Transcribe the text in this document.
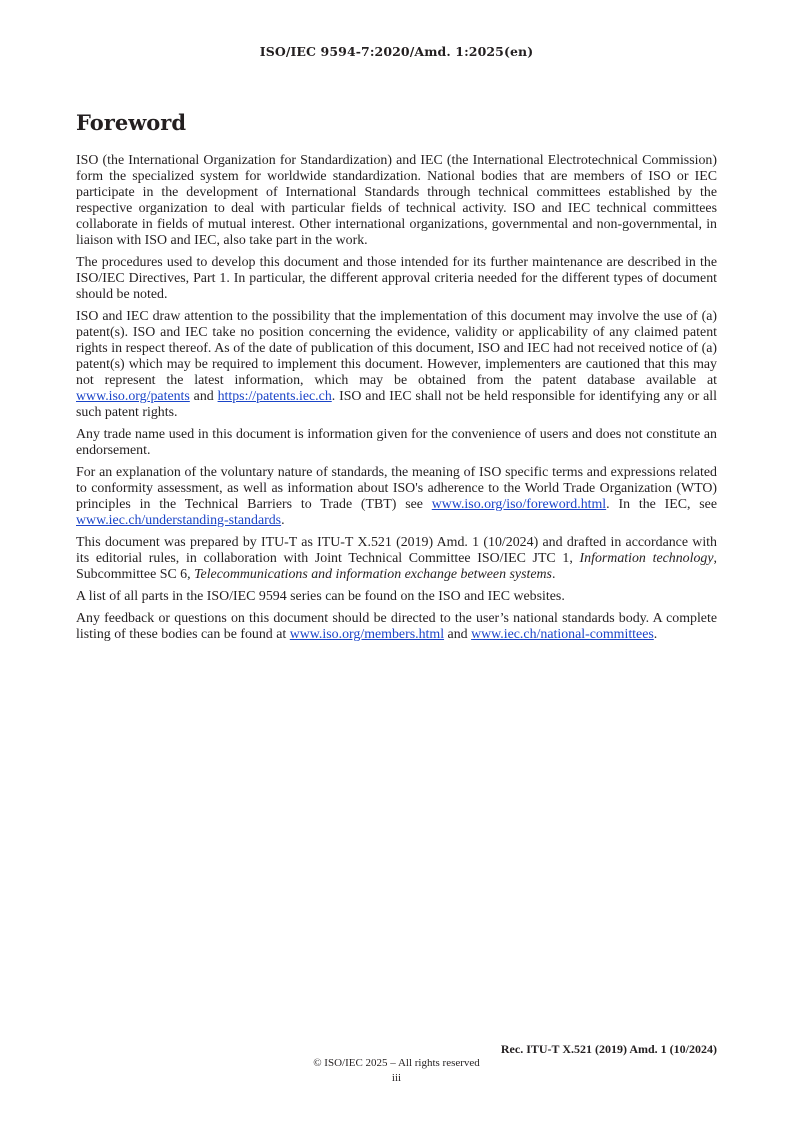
ISO/IEC 9594-7:2020/Amd. 1:2025(en)
Foreword

ISO (the International Organization for Standardization) and IEC (the International Electrotechnical Commission) form the specialized system for worldwide standardization. National bodies that are members of ISO or IEC participate in the development of International Standards through technical committees established by the respective organization to deal with particular fields of technical activity. ISO and IEC technical committees collaborate in fields of mutual interest. Other international organizations, governmental and non-governmental, in liaison with ISO and IEC, also take part in the work.

The procedures used to develop this document and those intended for its further maintenance are described in the ISO/IEC Directives, Part 1. In particular, the different approval criteria needed for the different types of document should be noted.

ISO and IEC draw attention to the possibility that the implementation of this document may involve the use of (a) patent(s). ISO and IEC take no position concerning the evidence, validity or applicability of any claimed patent rights in respect thereof. As of the date of publication of this document, ISO and IEC had not received notice of (a) patent(s) which may be required to implement this document. However, implementers are cautioned that this may not represent the latest information, which may be obtained from the patent database available at www.iso.org/patents and https://patents.iec.ch. ISO and IEC shall not be held responsible for identifying any or all such patent rights.

Any trade name used in this document is information given for the convenience of users and does not constitute an endorsement.

For an explanation of the voluntary nature of standards, the meaning of ISO specific terms and expressions related to conformity assessment, as well as information about ISO's adherence to the World Trade Organization (WTO) principles in the Technical Barriers to Trade (TBT) see www.iso.org/iso/foreword.html. In the IEC, see www.iec.ch/understanding-standards.

This document was prepared by ITU-T as ITU-T X.521 (2019) Amd. 1 (10/2024) and drafted in accordance with its editorial rules, in collaboration with Joint Technical Committee ISO/IEC JTC 1, Information technology, Subcommittee SC 6, Telecommunications and information exchange between systems.

A list of all parts in the ISO/IEC 9594 series can be found on the ISO and IEC websites.

Any feedback or questions on this document should be directed to the user’s national standards body. A complete listing of these bodies can be found at www.iso.org/members.html and www.iec.ch/national-committees.

Rec. ITU-T X.521 (2019) Amd. 1 (10/2024)
© ISO/IEC 2025 – All rights reserved
iii
